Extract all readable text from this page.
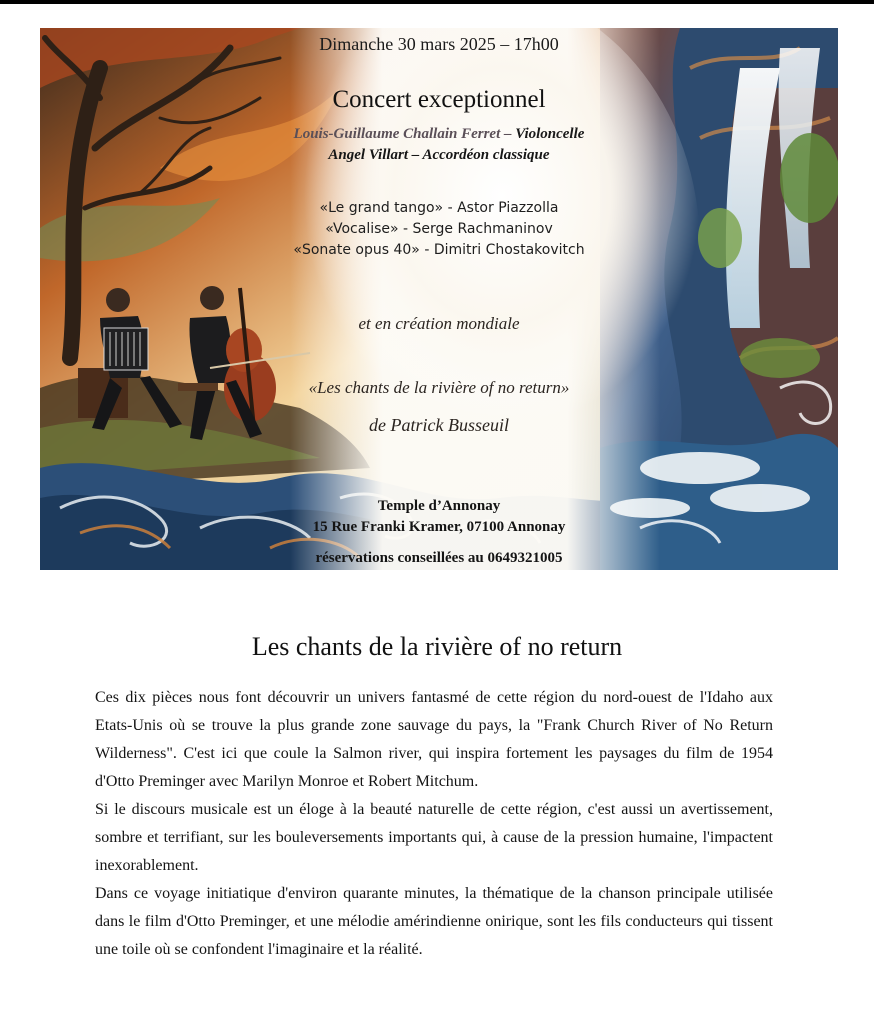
Dimanche 30 mars 2025 – 17h00
Concert exceptionnel
Louis-Guillaume Challain Ferret – Violoncelle
Angel Villart – Accordéon classique
«Le grand tango» - Astor Piazzolla
«Vocalise» - Serge Rachmaninov
«Sonate opus 40» - Dimitri Chostakovitch
et en création mondiale
«Les chants de la rivière of no return»
de Patrick Busseuil
Temple d’Annonay
15 Rue Franki Kramer, 07100 Annonay
réservations conseillées au 0649321005
Les chants de la rivière of no return

Ces dix pièces nous font découvrir un univers fantasmé de cette région du nord-ouest de l'Idaho aux Etats-Unis où se trouve la plus grande zone sauvage du pays, la "Frank Church River of No Return Wilderness". C'est ici que coule la Salmon river, qui inspira fortement les paysages du film de 1954 d'Otto Preminger avec Marilyn Monroe et Robert Mitchum.

Si le discours musicale est un éloge à la beauté naturelle de cette région, c'est aussi un avertissement, sombre et terrifiant, sur les bouleversements importants qui, à cause de la pression humaine, l'impactent inexorablement.

Dans ce voyage initiatique d'environ quarante minutes, la thématique de la chanson principale utilisée dans le film d'Otto Preminger, et une mélodie amérindienne onirique, sont les fils conducteurs qui tissent une toile où se confondent l'imaginaire et la réalité.
